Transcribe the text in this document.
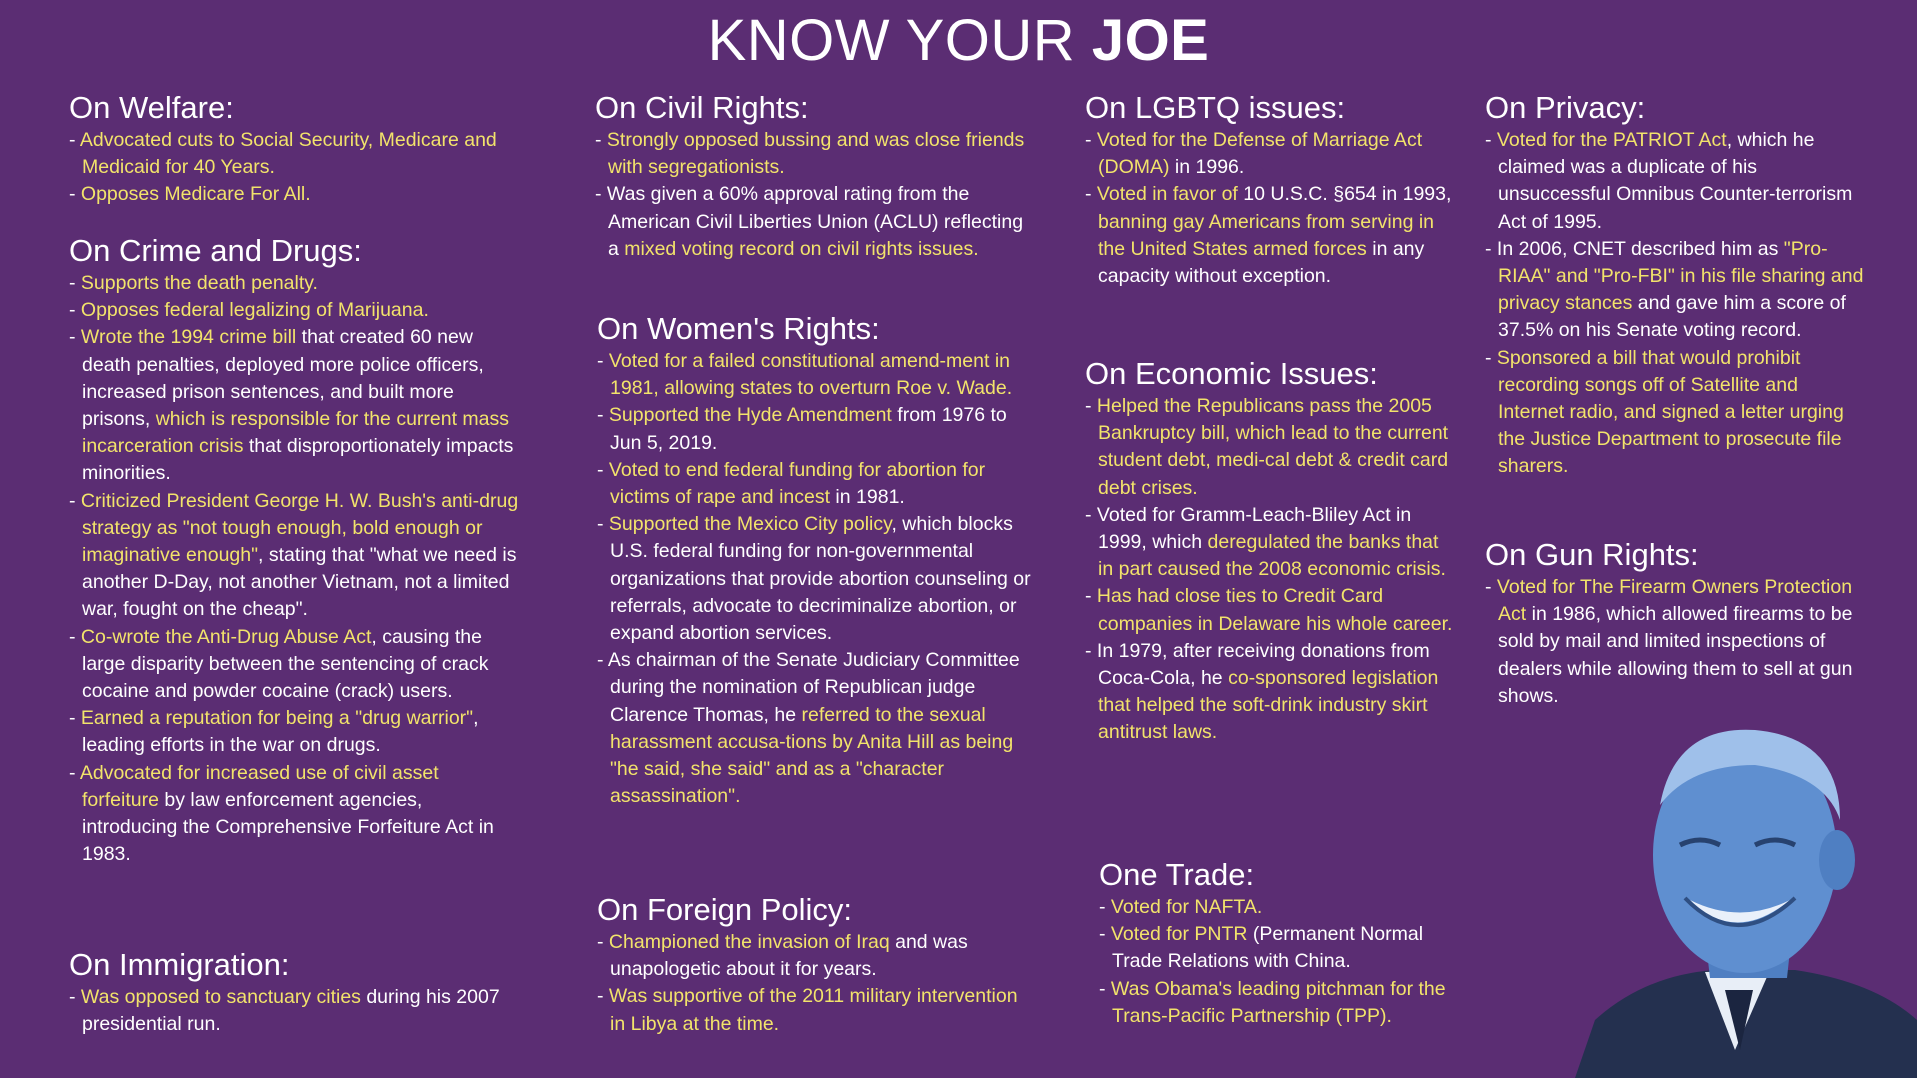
KNOW YOUR JOE
On Welfare:
- Advocated cuts to Social Security, Medicare and Medicaid for 40 Years.
- Opposes Medicare For All.
On Crime and Drugs:
- Supports the death penalty.
- Opposes federal legalizing of Marijuana.
- Wrote the 1994 crime bill that created 60 new death penalties, deployed more police officers, increased prison sentences, and built more prisons, which is responsible for the current mass incarceration crisis that disproportionately impacts minorities.
- Criticized President George H. W. Bush's anti-drug strategy as "not tough enough, bold enough or imaginative enough", stating that "what we need is another D-Day, not another Vietnam, not a limited war, fought on the cheap".
- Co-wrote the Anti-Drug Abuse Act, causing the large disparity between the sentencing of crack cocaine and powder cocaine (crack) users.
- Earned a reputation for being a "drug warrior", leading efforts in the war on drugs.
- Advocated for increased use of civil asset forfeiture by law enforcement agencies, introducing the Comprehensive Forfeiture Act in 1983.
On Immigration:
- Was opposed to sanctuary cities during his 2007 presidential run.
On Civil Rights:
- Strongly opposed bussing and was close friends with segregationists.
- Was given a 60% approval rating from the American Civil Liberties Union (ACLU) reflecting a mixed voting record on civil rights issues.
On Women's Rights:
- Voted for a failed constitutional amend-ment in 1981, allowing states to overturn Roe v. Wade.
- Supported the Hyde Amendment from 1976 to Jun 5, 2019.
- Voted to end federal funding for abortion for victims of rape and incest in 1981.
- Supported the Mexico City policy, which blocks U.S. federal funding for non-governmental organizations that provide abortion counseling or referrals, advocate to decriminalize abortion, or expand abortion services.
- As chairman of the Senate Judiciary Committee during the nomination of Republican judge Clarence Thomas, he referred to the sexual harassment accusa-tions by Anita Hill as being "he said, she said" and as a "character assassination".
On Foreign Policy:
- Championed the invasion of Iraq and was unapologetic about it for years.
- Was supportive of the 2011 military intervention in Libya at the time.
On LGBTQ issues:
- Voted for the Defense of Marriage Act (DOMA) in 1996.
- Voted in favor of 10 U.S.C. §654 in 1993, banning gay Americans from serving in the United States armed forces in any capacity without exception.
On Economic Issues:
- Helped the Republicans pass the 2005 Bankruptcy bill, which lead to the current student debt, medi-cal debt & credit card debt crises.
- Voted for Gramm-Leach-Bliley Act in 1999, which deregulated the banks that in part caused the 2008 economic crisis.
- Has had close ties to Credit Card companies in Delaware his whole career.
- In 1979, after receiving donations from Coca-Cola, he co-sponsored legislation that helped the soft-drink industry skirt antitrust laws.
One Trade:
- Voted for NAFTA.
- Voted for PNTR (Permanent Normal Trade Relations with China.
- Was Obama's leading pitchman for the Trans-Pacific Partnership (TPP).
On Privacy:
- Voted for the PATRIOT Act, which he claimed was a duplicate of his unsuccessful Omnibus Counter-terrorism Act of 1995.
- In 2006, CNET described him as "Pro-RIAA" and "Pro-FBI" in his file sharing and privacy stances and gave him a score of 37.5% on his Senate voting record.
- Sponsored a bill that would prohibit recording songs off of Satellite and Internet radio, and signed a letter urging the Justice Department to prosecute file sharers.
On Gun Rights:
- Voted for The Firearm Owners Protection Act in 1986, which allowed firearms to be sold by mail and limited inspections of dealers while allowing them to sell at gun shows.
